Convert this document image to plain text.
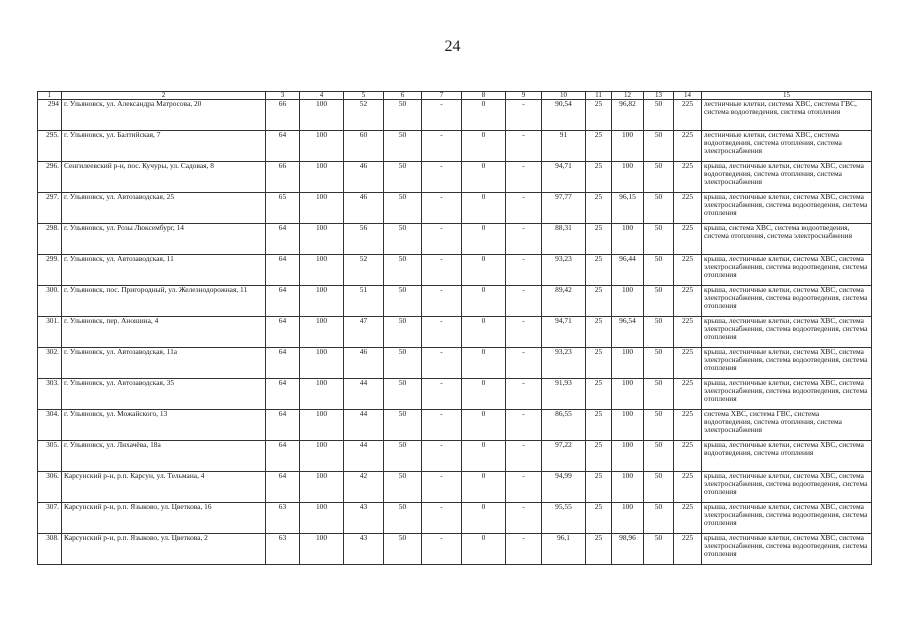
24
1	2	3	4	5	6	7	8	9	10	11	12	13	14	15
294	г. Ульяновск, ул. Александра Матросова, 20	66	100	52	50	-	0	-	90,54	25	96,82	50	225	лестничные клетки, система ХВС, система ГВС, система водоотведения, система отопления
295.	г. Ульяновск, ул. Балтийская, 7	64	100	60	50	-	0	-	91	25	100	50	225	лестничные клетки, система ХВС, система водоотведения, система отопления, система электроснабжения
296.	Сенгилеевский р-н, пос. Кучуры, ул. Садовая, 8	66	100	46	50	-	0	-	94,71	25	100	50	225	крыша, лестничные клетки, система ХВС, система водоотведения, система отопления, система электроснабжения
297.	г. Ульяновск, ул. Автозаводская, 25	65	100	46	50	-	0	-	97,77	25	96,15	50	225	крыша, лестничные клетки, система ХВС, система электроснабжения, система водоотведения, система отопления
298.	г. Ульяновск, ул. Розы Люксембург, 14	64	100	56	50	-	0	-	88,31	25	100	50	225	крыша, система ХВС, система водоотведения, система отопления, система электроснабжения
299.	г. Ульяновск, ул. Автозаводская, 11	64	100	52	50	-	0	-	93,23	25	96,44	50	225	крыша, лестничные клетки, система ХВС, система электроснабжения, система водоотведения, система отопления
300.	г. Ульяновск, пос. Пригородный, ул. Железнодорожная, 11	64	100	51	50	-	0	-	89,42	25	100	50	225	крыша, лестничные клетки, система ХВС, система электроснабжения, система водоотведения, система отопления
301.	г. Ульяновск, пер. Аношина, 4	64	100	47	50	-	0	-	94,71	25	96,54	50	225	крыша, лестничные клетки, система ХВС, система электроснабжения, система водоотведения, система отопления
302.	г. Ульяновск, ул. Автозаводская, 11а	64	100	46	50	-	0	-	93,23	25	100	50	225	крыша, лестничные клетки, система ХВС, система электроснабжения, система водоотведения, система отопления
303.	г. Ульяновск, ул. Автозаводская, 35	64	100	44	50	-	0	-	91,93	25	100	50	225	крыша, лестничные клетки, система ХВС, система электроснабжения, система водоотведения, система отопления
304.	г. Ульяновск, ул. Можайского, 13	64	100	44	50	-	0	-	86,55	25	100	50	225	система ХВС, система ГВС, система водоотведения, система отопления, система электроснабжения
305.	г. Ульяновск, ул. Лихачёва, 18а	64	100	44	50	-	0	-	97,22	25	100	50	225	крыша, лестничные клетки, система ХВС, система водоотведения, система отопления
306.	Карсунский р-н, р.п. Карсун, ул. Тельмана, 4	64	100	42	50	-	0	-	94,99	25	100	50	225	крыша, лестничные клетки, система ХВС, система электроснабжения, система водоотведения, система отопления
307.	Карсунский р-н, р.п. Языково, ул. Цветкова, 16	63	100	43	50	-	0	-	95,55	25	100	50	225	крыша, лестничные клетки, система ХВС, система электроснабжения, система водоотведения, система отопления
308.	Карсунский р-н, р.п. Языково, ул. Цветкова, 2	63	100	43	50	-	0	-	96,1	25	98,96	50	225	крыша, лестничные клетки, система ХВС, система электроснабжения, система водоотведения, система отопления
